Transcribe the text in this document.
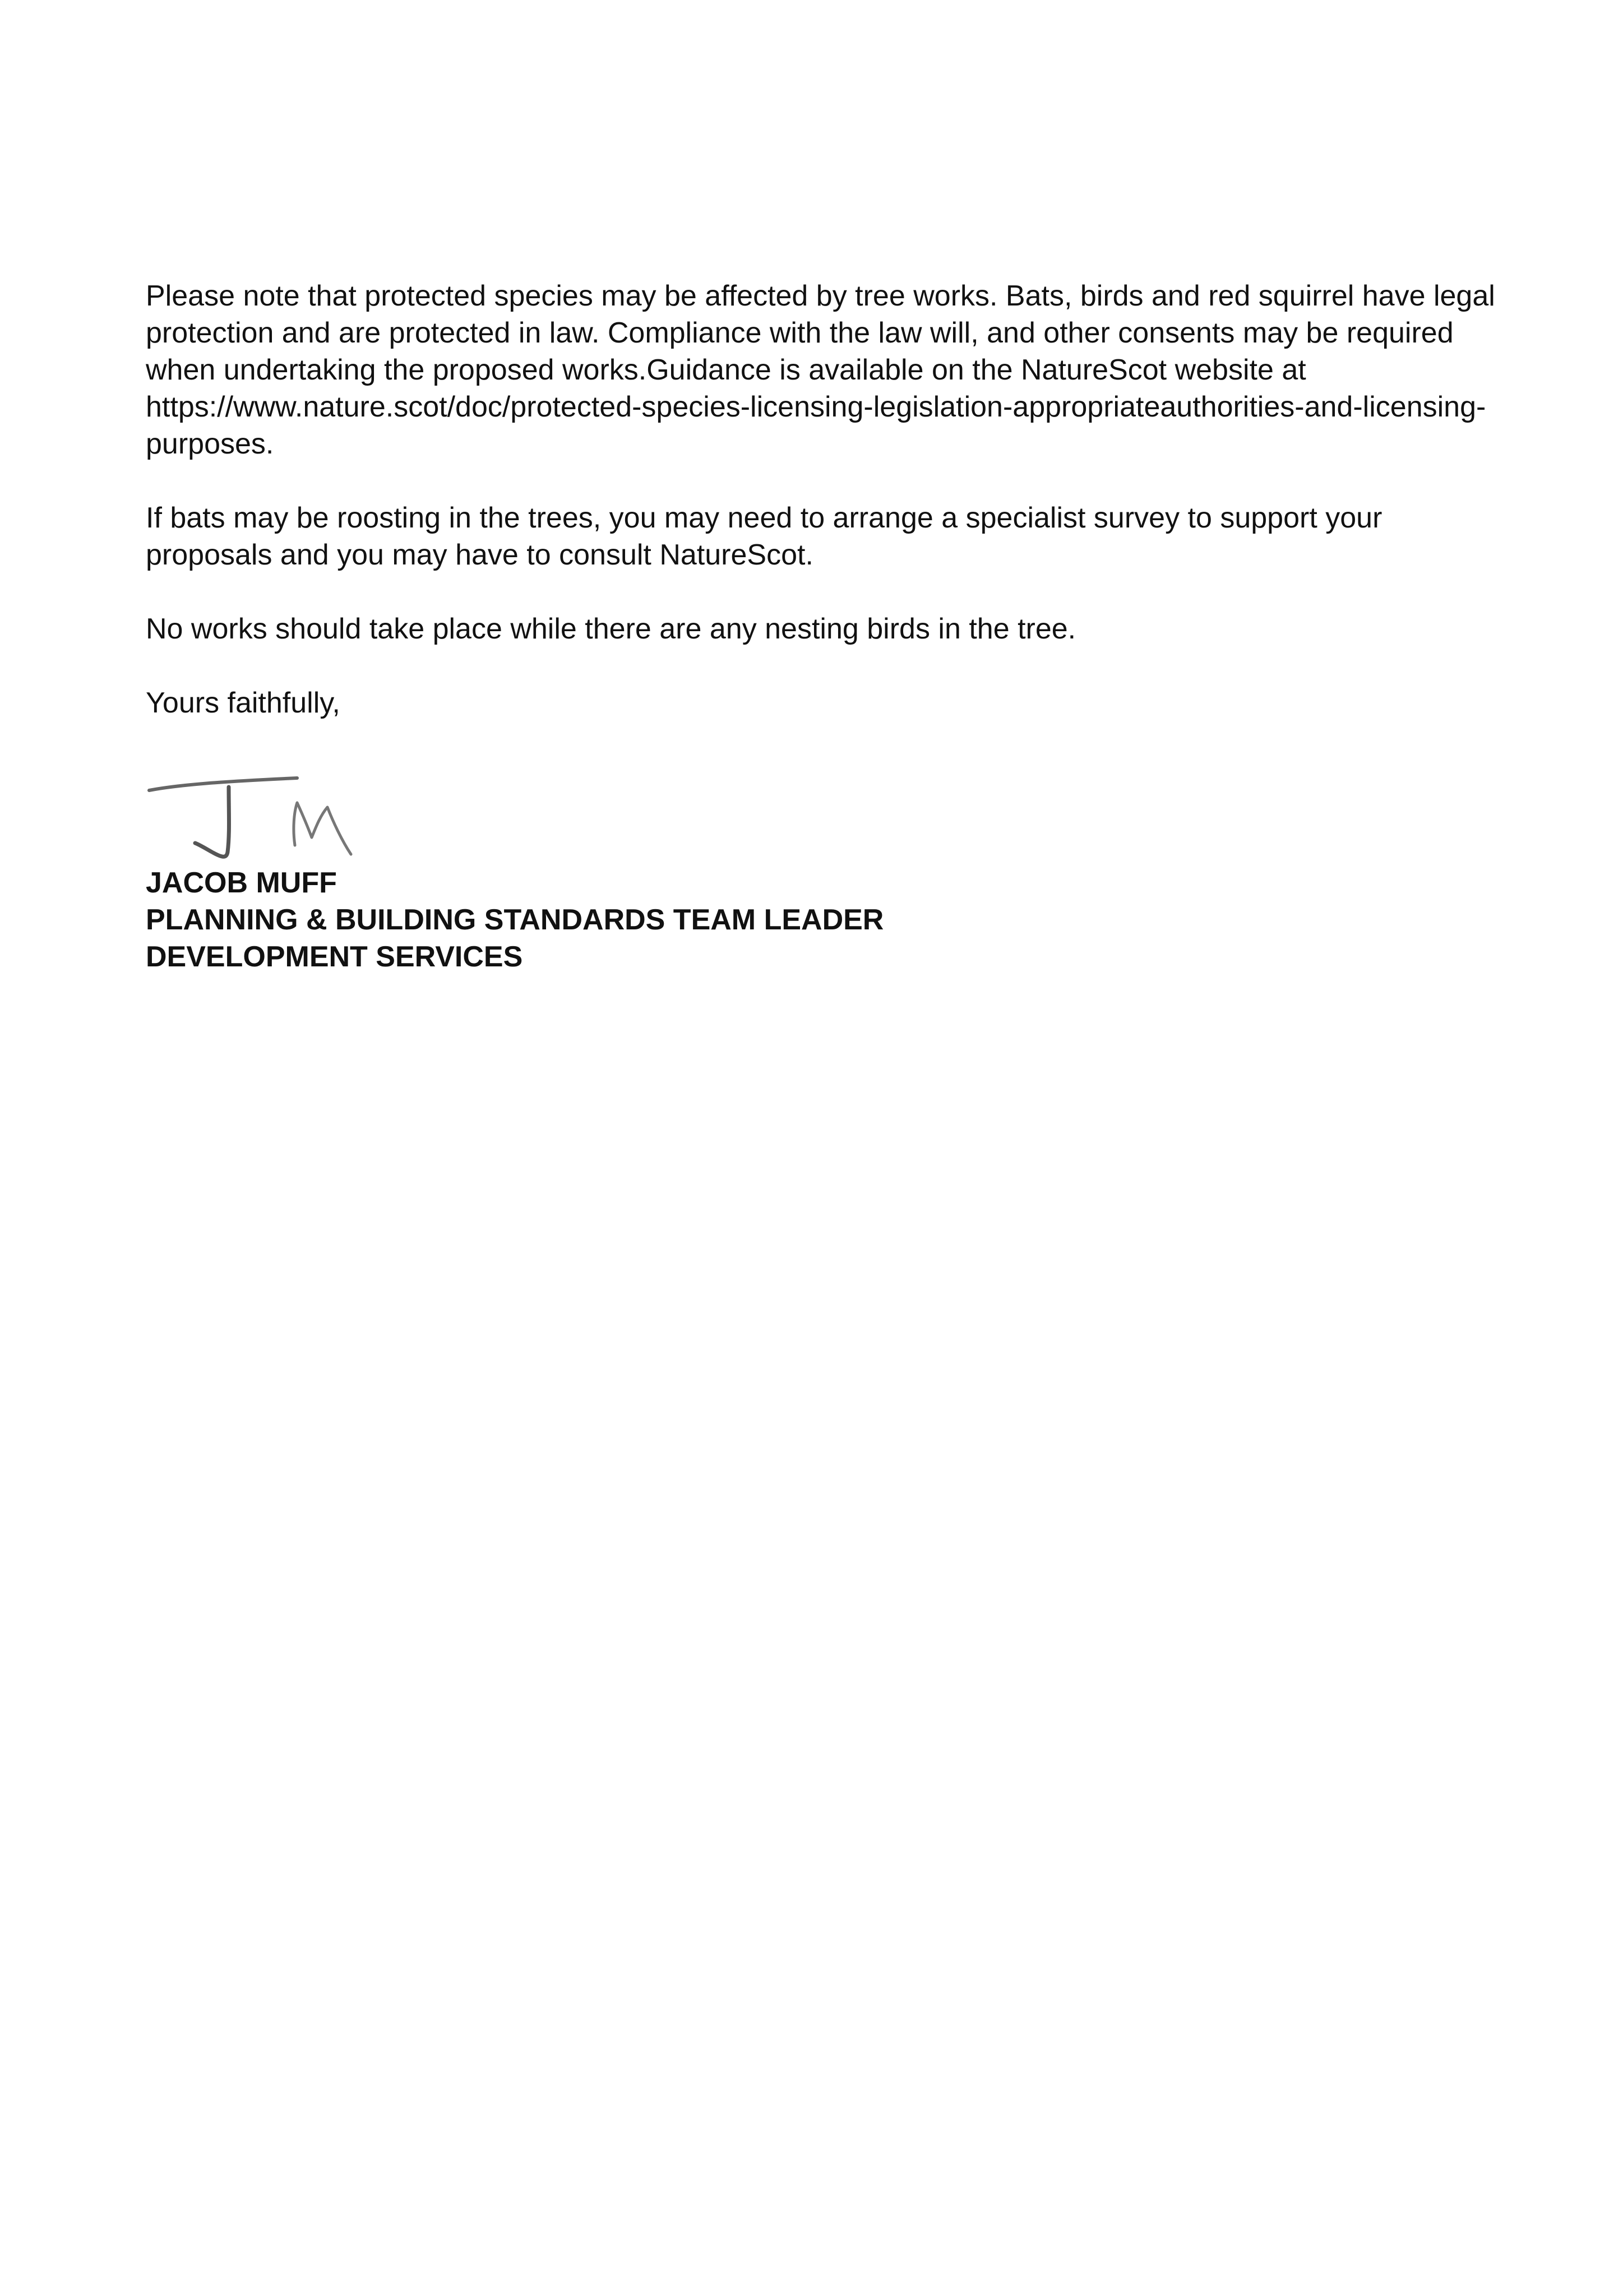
Please note that protected species may be affected by tree works. Bats, birds and red squirrel have legal protection and are protected in law. Compliance with the law will, and other consents may be required when undertaking the proposed works.Guidance is available on the NatureScot website at https://www.nature.scot/doc/protected-species-licensing-legislation-appropriateauthorities-and-licensing-purposes.

If bats may be roosting in the trees, you may need to arrange a specialist survey to support your proposals and you may have to consult NatureScot.

No works should take place while there are any nesting birds in the tree.

Yours faithfully,

JACOB MUFF
PLANNING & BUILDING STANDARDS TEAM LEADER
DEVELOPMENT SERVICES
